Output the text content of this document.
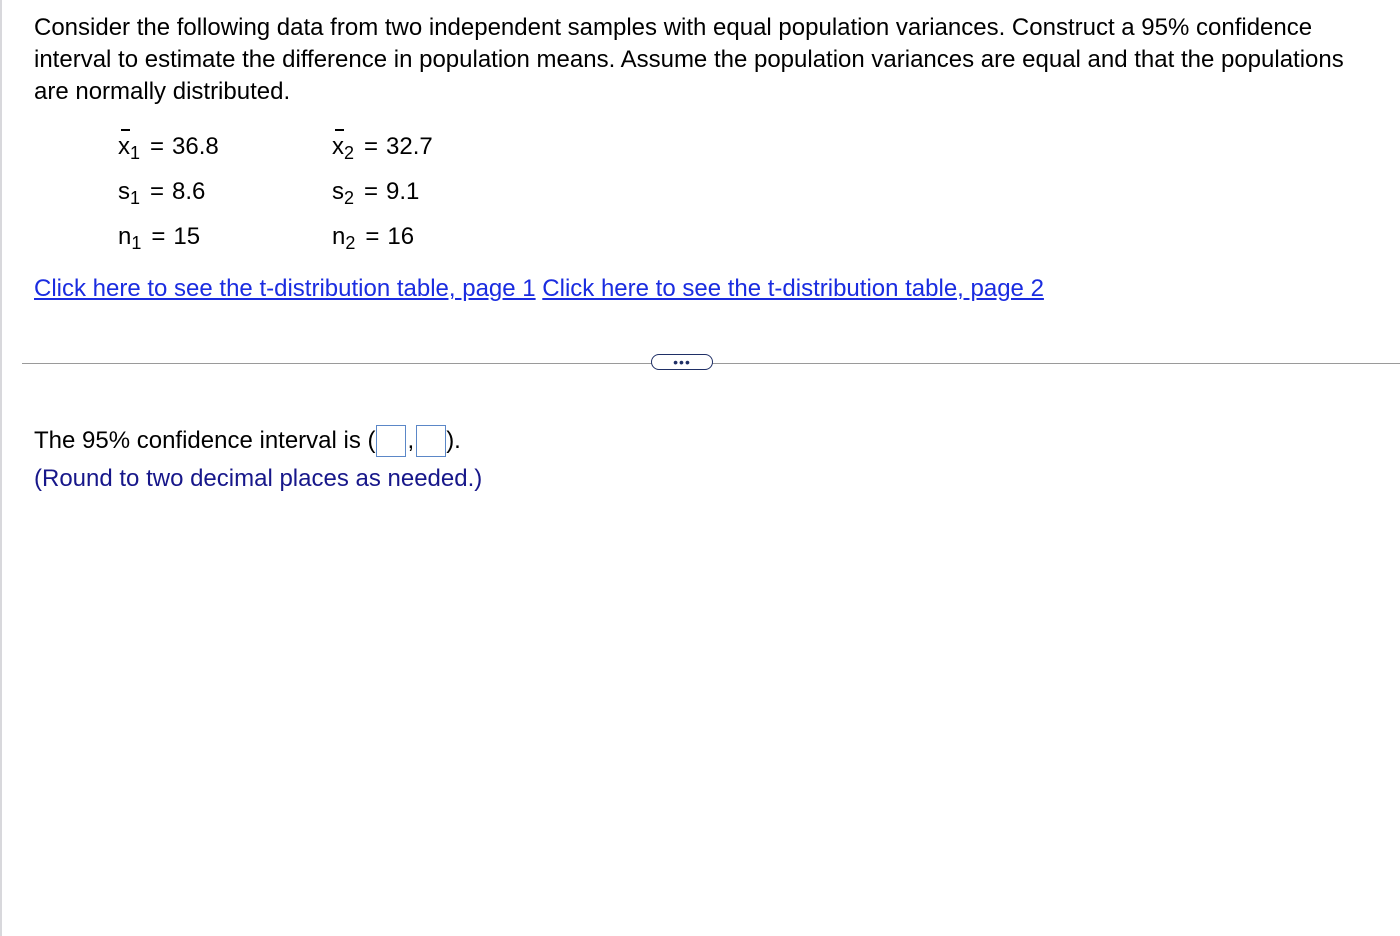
Consider the following data from two independent samples with equal population variances. Construct a 95% confidence interval to estimate the difference in population means. Assume the population variances are equal and that the populations are normally distributed.
$x_1 = 36.8$	$x_2 = 32.7$
$s_1 = 8.6$	$s_2 = 9.1$
$n_1 = 15$	$n_2 = 16$
Click here to see the t-distribution table, page 1 Click here to see the t-distribution table, page 2
•••
The 95% confidence interval is ( , ).
(Round to two decimal places as needed.)
